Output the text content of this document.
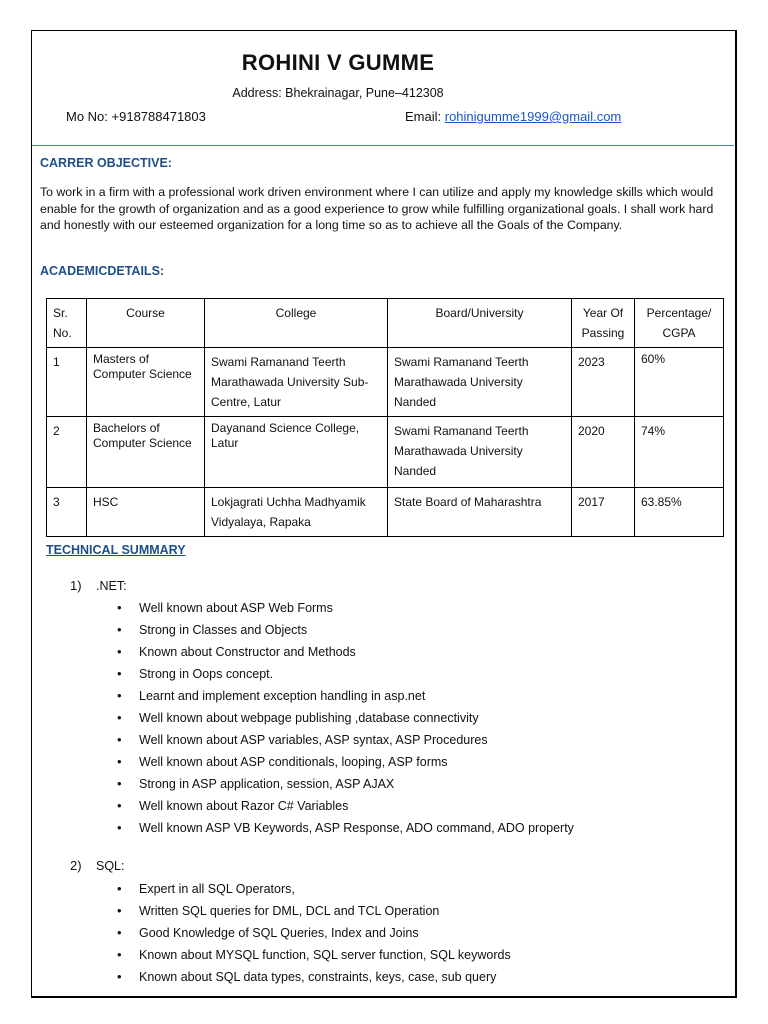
ROHINI V GUMME
Address: Bhekrainagar, Pune–412308
Mo No: +918788471803	Email: rohinigumme1999@gmail.com
CARRER OBJECTIVE:
To work in a firm with a professional work driven environment where I can utilize and apply my knowledge skills which would enable for the growth of organization and as a good experience to grow while fulfilling organizational goals. I shall work hard and honestly with our esteemed organization for a long time so as to achieve all the Goals of the Company.
ACADEMICDETAILS:
Sr. No.	Course	College	Board/University	Year Of Passing	Percentage/ CGPA
1	Masters of Computer Science	Swami Ramanand Teerth Marathawada University Sub-Centre, Latur	Swami Ramanand Teerth Marathawada University Nanded	2023	60%
2	Bachelors of Computer Science	Dayanand Science College, Latur	Swami Ramanand Teerth Marathawada University Nanded	2020	74%
3	HSC	Lokjagrati Uchha Madhyamik Vidyalaya, Rapaka	State Board of Maharashtra	2017	63.85%
TECHNICAL SUMMARY
1) .NET:
• Well known about ASP Web Forms
• Strong in Classes and Objects
• Known about Constructor and Methods
• Strong in Oops concept.
• Learnt and implement exception handling in asp.net
• Well known about webpage publishing ,database connectivity
• Well known about ASP variables, ASP syntax, ASP Procedures
• Well known about ASP conditionals, looping, ASP forms
• Strong in ASP application, session, ASP AJAX
• Well known about Razor C# Variables
• Well known ASP VB Keywords, ASP Response, ADO command, ADO property
2) SQL:
• Expert in all SQL Operators,
• Written SQL queries for DML, DCL and TCL Operation
• Good Knowledge of SQL Queries, Index and Joins
• Known about MYSQL function, SQL server function, SQL keywords
• Known about SQL data types, constraints, keys, case, sub query
